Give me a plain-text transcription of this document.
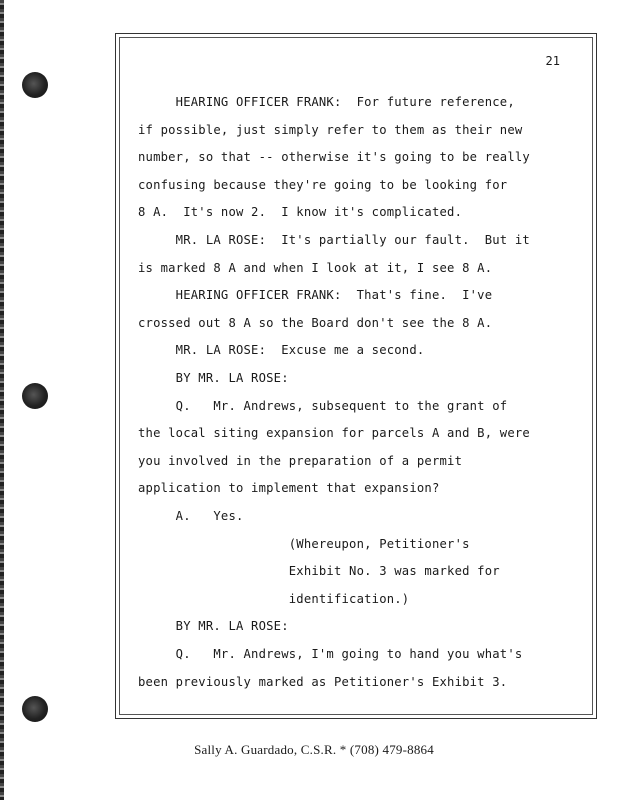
21
HEARING OFFICER FRANK:  For future reference,
if possible, just simply refer to them as their new
number, so that -- otherwise it's going to be really
confusing because they're going to be looking for
8 A.  It's now 2.  I know it's complicated.
MR. LA ROSE:  It's partially our fault.  But it
is marked 8 A and when I look at it, I see 8 A.
HEARING OFFICER FRANK:  That's fine.  I've
crossed out 8 A so the Board don't see the 8 A.
MR. LA ROSE:  Excuse me a second.
BY MR. LA ROSE:
Q.   Mr. Andrews, subsequent to the grant of
the local siting expansion for parcels A and B, were
you involved in the preparation of a permit
application to implement that expansion?
A.   Yes.
(Whereupon, Petitioner's
Exhibit No. 3 was marked for
identification.)
BY MR. LA ROSE:
Q.   Mr. Andrews, I'm going to hand you what's
been previously marked as Petitioner's Exhibit 3.
Sally A. Guardado, C.S.R. * (708) 479-8864
